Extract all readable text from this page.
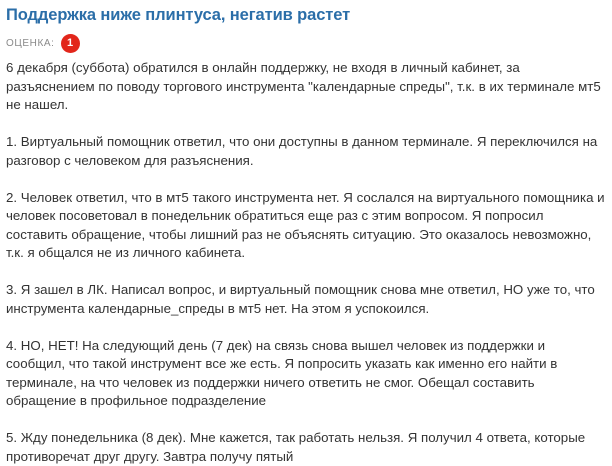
Поддержка ниже плинтуса, негатив растет
ОЦЕНКА:	1

6 декабря (суббота) обратился в онлайн поддержку, не входя в личный кабинет, за разъяснением по поводу торгового инструмента "календарные спреды", т.к. в их терминале мт5 не нашел.

1. Виртуальный помощник ответил, что они доступны в данном терминале. Я переключился на разговор с человеком для разъяснения.

2. Человек ответил, что в мт5 такого инструмента нет. Я сослался на виртуального помощника и человек посоветовал в понедельник обратиться еще раз с этим вопросом. Я попросил составить обращение, чтобы лишний раз не объяснять ситуацию. Это оказалось невозможно, т.к. я общался не из личного кабинета.

3. Я зашел в ЛК. Написал вопрос, и виртуальный помощник снова мне ответил, НО уже то, что инструмента календарные_спреды в мт5 нет. На этом я успокоился.

4. НО, НЕТ! На следующий день (7 дек) на связь снова вышел человек из поддержки и сообщил, что такой инструмент все же есть. Я попросить указать как именно его найти в терминале, на что человек из поддержки ничего ответить не смог. Обещал составить обращение в профильное подразделение

5. Жду понедельника (8 дек). Мне кажется, так работать нельзя. Я получил 4 ответа, которые противоречат друг другу. Завтра получу пятый
